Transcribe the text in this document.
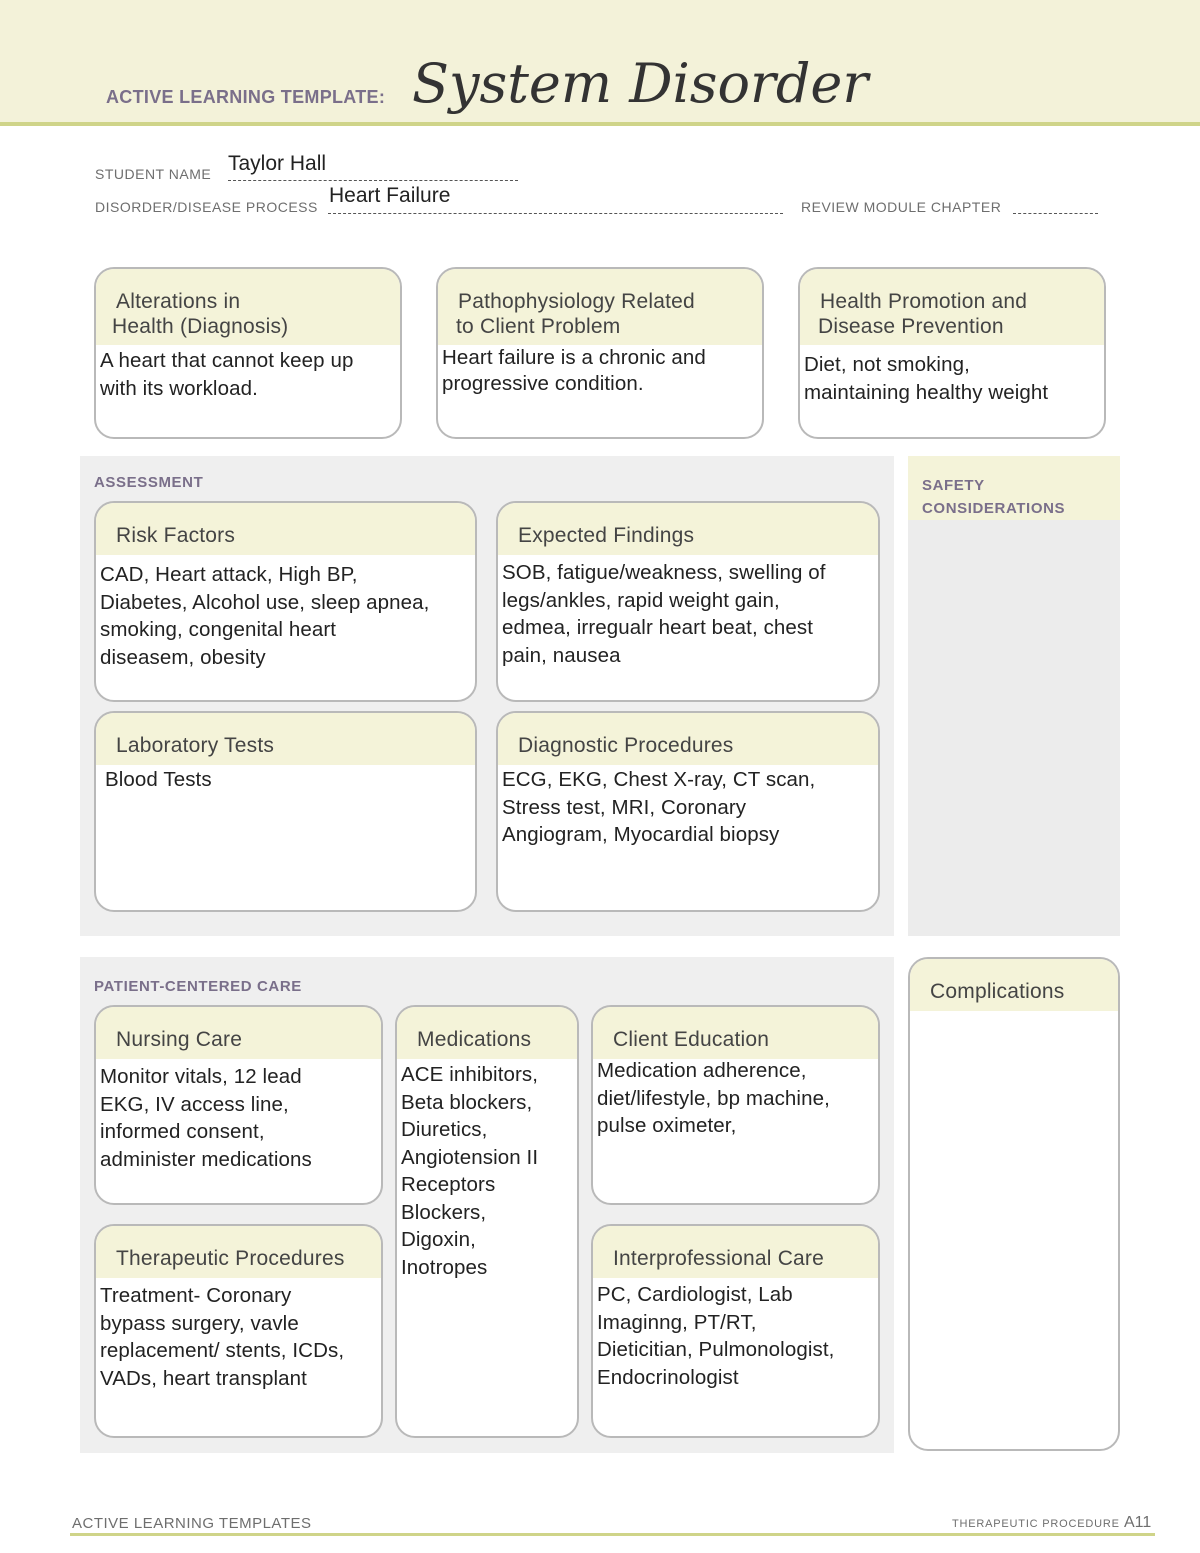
ACTIVE LEARNING TEMPLATE: System Disorder
STUDENT NAME Taylor Hall
DISORDER/DISEASE PROCESS Heart Failure	REVIEW MODULE CHAPTER
Alterations in
Health (Diagnosis)
A heart that cannot keep up
with its workload.
Pathophysiology Related
to Client Problem
Heart failure is a chronic and
progressive condition.
Health Promotion and
Disease Prevention
Diet, not smoking,
maintaining healthy weight
ASSESSMENT
Risk Factors
CAD, Heart attack, High BP,
Diabetes, Alcohol use, sleep apnea,
smoking, congenital heart
diseasem, obesity
Expected Findings
SOB, fatigue/weakness, swelling of
legs/ankles, rapid weight gain,
edmea, irregualr heart beat, chest
pain, nausea
Laboratory Tests
Blood Tests
Diagnostic Procedures
ECG, EKG, Chest X-ray, CT scan,
Stress test, MRI, Coronary
Angiogram, Myocardial biopsy
SAFETY
CONSIDERATIONS
PATIENT-CENTERED CARE
Nursing Care
Monitor vitals, 12 lead
EKG, IV access line,
informed consent,
administer medications
Medications
ACE inhibitors,
Beta blockers,
Diuretics,
Angiotension II
Receptors
Blockers,
Digoxin,
Inotropes
Client Education
Medication adherence,
diet/lifestyle, bp machine,
pulse oximeter,
Therapeutic Procedures
Treatment- Coronary
bypass surgery, vavle
replacement/ stents, ICDs,
VADs, heart transplant
Interprofessional Care
PC, Cardiologist, Lab
Imaginng, PT/RT,
Dieticitian, Pulmonologist,
Endocrinologist
Complications
ACTIVE LEARNING TEMPLATES	THERAPEUTIC PROCEDURE A11
